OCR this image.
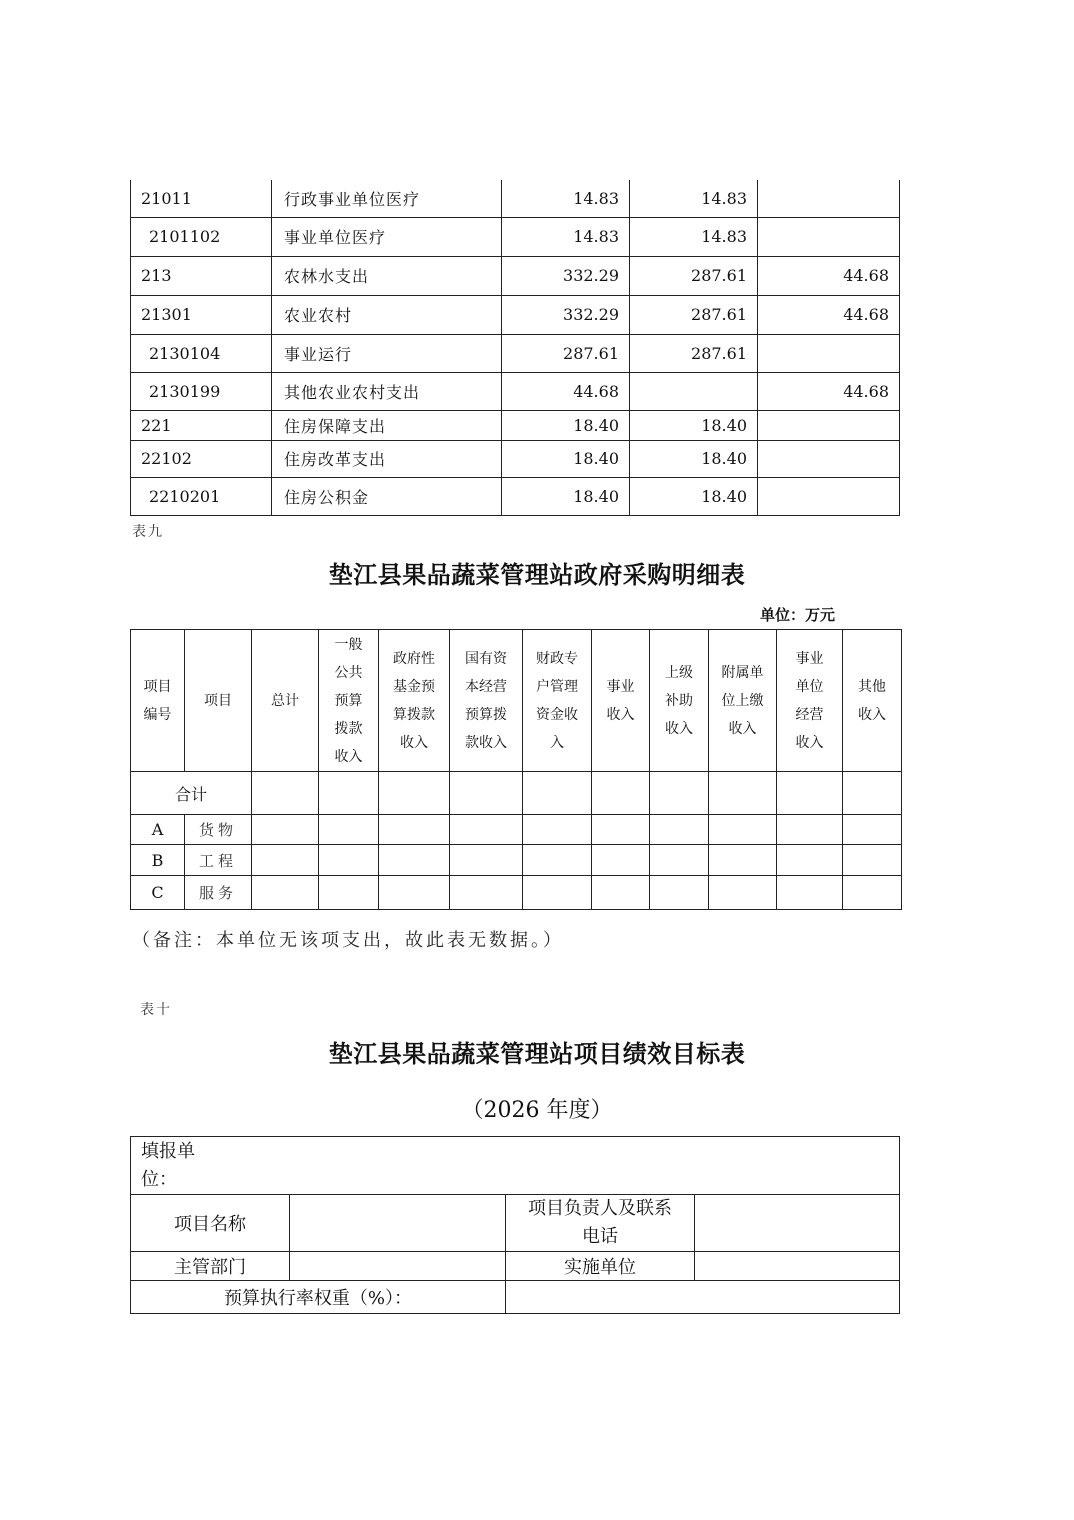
21011	行政事业单位医疗	14.83	14.83	
2101102	事业单位医疗	14.83	14.83	
213	农林水支出	332.29	287.61	44.68
21301	农业农村	332.29	287.61	44.68
2130104	事业运行	287.61	287.61	
2130199	其他农业农村支出	44.68		44.68
221	住房保障支出	18.40	18.40	
22102	住房改革支出	18.40	18.40	
2210201	住房公积金	18.40	18.40	
表九
垫江县果品蔬菜管理站政府采购明细表
单位：万元
项目
编号	项目	总计	一般
公共
预算
拨款
收入	政府性
基金预
算拨款
收入	国有资
本经营
预算拨
款收入	财政专
户管理
资金收
入	事业
收入	上级
补助
收入	附属单
位上缴
收入	事业
单位
经营
收入	其他
收入
合计											
A	货物										
B	工程										
C	服务										
（备注：本单位无该项支出，故此表无数据。）
表十
垫江县果品蔬菜管理站项目绩效目标表
（2026 年度）
填报单
位：			
项目名称		项目负责人及联系
电话	
主管部门		实施单位	
预算执行率权重（%）：			
